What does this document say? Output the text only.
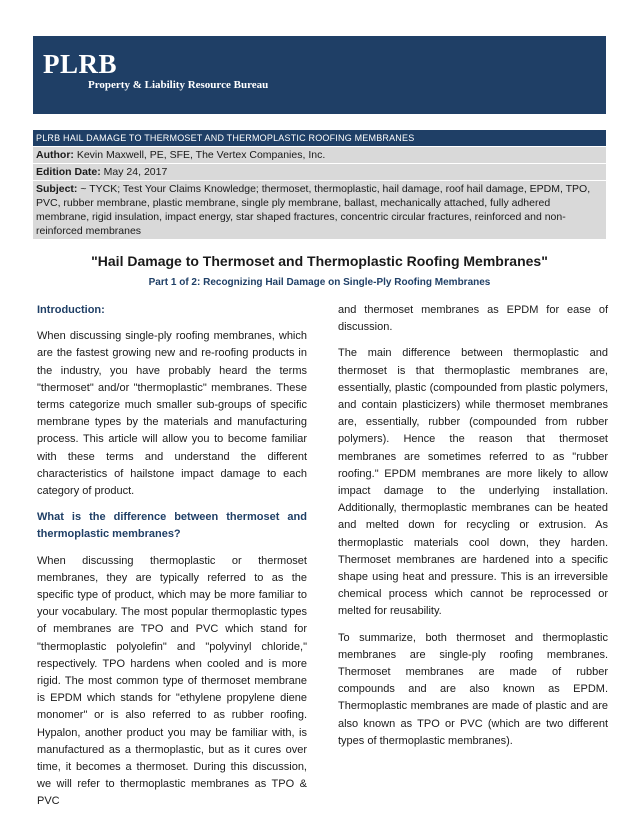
PLRB
Property & Liability Resource Bureau
PLRB HAIL DAMAGE TO THERMOSET AND THERMOPLASTIC ROOFING MEMBRANES
Author: Kevin Maxwell, PE, SFE, The Vertex Companies, Inc.
Edition Date: May 24, 2017
Subject: ~ TYCK; Test Your Claims Knowledge; thermoset, thermoplastic, hail damage, roof hail damage, EPDM, TPO, PVC, rubber membrane, plastic membrane, single ply membrane, ballast, mechanically attached, fully adhered membrane, rigid insulation, impact energy, star shaped fractures, concentric circular fractures, reinforced and non-reinforced membranes
"Hail Damage to Thermoset and Thermoplastic Roofing Membranes"
Part 1 of 2: Recognizing Hail Damage on Single-Ply Roofing Membranes
Introduction:

When discussing single-ply roofing membranes, which are the fastest growing new and re-roofing products in the industry, you have probably heard the terms "thermoset" and/or "thermoplastic" membranes. These terms categorize much smaller sub-groups of specific membrane types by the materials and manufacturing process. This article will allow you to become familiar with these terms and understand the different characteristics of hailstone impact damage to each category of product.

What is the difference between thermoset and thermoplastic membranes?

When discussing thermoplastic or thermoset membranes, they are typically referred to as the specific type of product, which may be more familiar to your vocabulary. The most popular thermoplastic types of membranes are TPO and PVC which stand for "thermoplastic polyolefin" and "polyvinyl chloride," respectively. TPO hardens when cooled and is more rigid. The most common type of thermoset membrane is EPDM which stands for "ethylene propylene diene monomer" or is also referred to as rubber roofing. Hypalon, another product you may be familiar with, is manufactured as a thermoplastic, but as it cures over time, it becomes a thermoset. During this discussion, we will refer to thermoplastic membranes as TPO & PVC

and thermoset membranes as EPDM for ease of discussion.

The main difference between thermoplastic and thermoset is that thermoplastic membranes are, essentially, plastic (compounded from plastic polymers, and contain plasticizers) while thermoset membranes are, essentially, rubber (compounded from rubber polymers). Hence the reason that thermoset membranes are sometimes referred to as "rubber roofing." EPDM membranes are more likely to allow impact damage to the underlying installation. Additionally, thermoplastic membranes can be heated and melted down for recycling or extrusion. As thermoplastic materials cool down, they harden. Thermoset membranes are hardened into a specific shape using heat and pressure. This is an irreversible chemical process which cannot be reprocessed or melted for reusability.

To summarize, both thermoset and thermoplastic membranes are single-ply roofing membranes. Thermoset membranes are made of rubber compounds and are also known as EPDM. Thermoplastic membranes are made of plastic and are also known as TPO or PVC (which are two different types of thermoplastic membranes).
